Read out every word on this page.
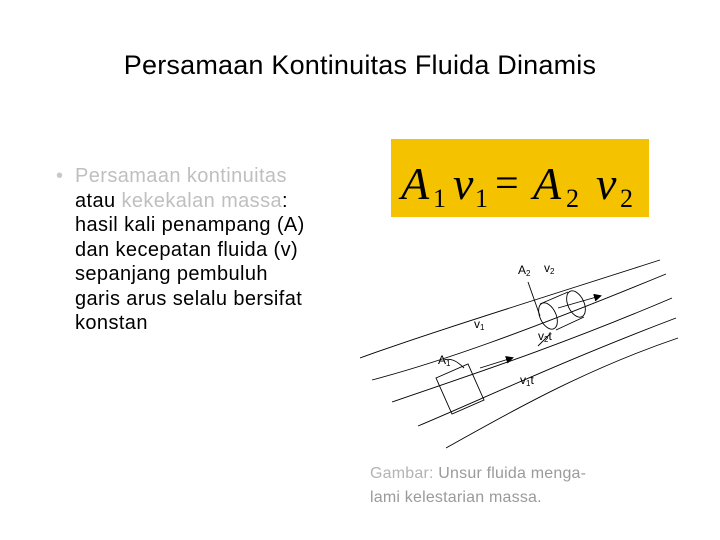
Persamaan Kontinuitas Fluida Dinamis
• Persamaan kontinuitas atau kekekalan massa: hasil kali penampang (A) dan kecepatan fluida (v) sepanjang pembuluh garis arus selalu bersifat konstan
A 1 v 1 = A 2 v 2
A2 v2
v1
v2t
A1
v1t
Gambar: Unsur fluida menga-
lami kelestarian massa.
